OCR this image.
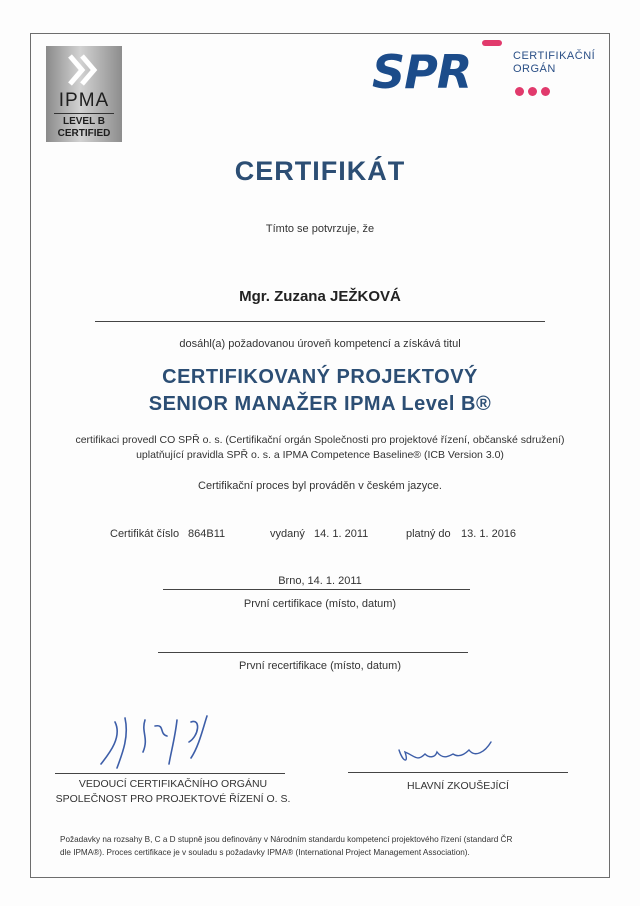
IPMA
LEVEL B
CERTIFIED
SPR	CERTIFIKAČNÍ
ORGÁN
CERTIFIKÁT
Tímto se potvrzuje, že
Mgr. Zuzana JEŽKOVÁ
dosáhl(a) požadovanou úroveň kompetencí a získává titul
CERTIFIKOVANÝ PROJEKTOVÝ
SENIOR MANAŽER IPMA Level B®
certifikaci provedl CO SPŘ o. s. (Certifikační orgán Společnosti pro projektové řízení, občanské sdružení)
uplatňující pravidla SPŘ o. s. a IPMA Competence Baseline® (ICB Version 3.0)
Certifikační proces byl prováděn v českém jazyce.
Certifikát číslo 864B11	vydaný 14. 1. 2011	platný do 13. 1. 2016
Brno, 14. 1. 2011
První certifikace (místo, datum)
První recertifikace (místo, datum)
VEDOUCÍ CERTIFIKAČNÍHO ORGÁNU
SPOLEČNOST PRO PROJEKTOVÉ ŘÍZENÍ O. S.
HLAVNÍ ZKOUŠEJÍCÍ
Požadavky na rozsahy B, C a D stupně jsou definovány v Národním standardu kompetencí projektového řízení (standard ČR
dle IPMA®). Proces certifikace je v souladu s požadavky IPMA® (International Project Management Association).
